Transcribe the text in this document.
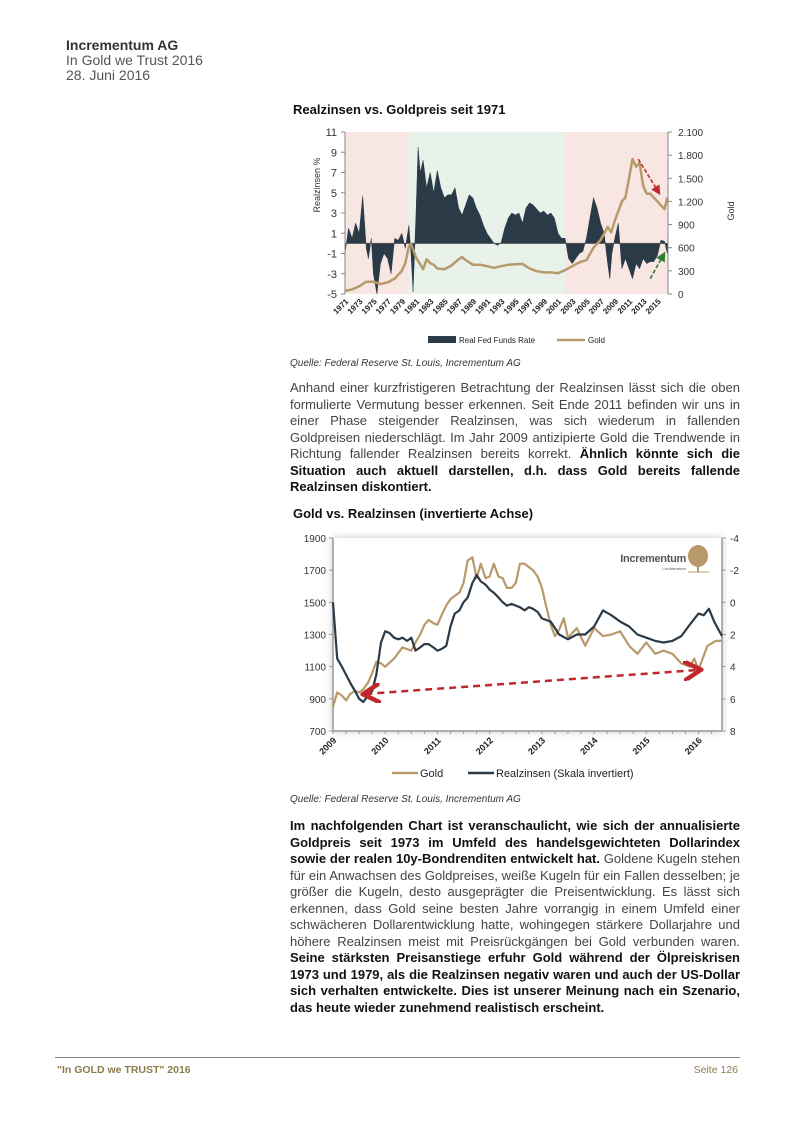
Incrementum AG
In Gold we Trust 2016
28. Juni 2016
Realzinsen vs. Goldpreis seit 1971
11
9
7
5
3
1
-1
-3
-5
2.100
1.800
1.500
1.200
900
600
300
0
1971
1973
1975
1977
1979
1981
1983
1985
1987
1989
1991
1993
1995
1997
1999
2001
2003
2005
2007
2009
2011
2013
2015
Realzinsen %	Gold
Real Fed Funds Rate	Gold
Quelle: Federal Reserve St. Louis, Incrementum AG
Anhand einer kurzfristigeren Betrachtung der Realzinsen lässt sich die oben formulierte Vermutung besser erkennen. Seit Ende 2011 befinden wir uns in einer Phase steigender Realzinsen, was sich wiederum in fallenden Goldpreisen niederschlägt. Im Jahr 2009 antizipierte Gold die Trendwende in Richtung fallender Realzinsen bereits korrekt. Ähnlich könnte sich die Situation auch aktuell darstellen, d.h. dass Gold bereits fallende Realzinsen diskontiert.
Gold vs. Realzinsen (invertierte Achse)
1900
1700
1500
1300
1100
900
700
-4
-2
0
2
4
6
8
2009	2010	2011	2012	2013	2014	2015	2016
Incrementum
Liechtenstein
Gold	Realzinsen (Skala invertiert)
Quelle: Federal Reserve St. Louis, Incrementum AG
Im nachfolgenden Chart ist veranschaulicht, wie sich der annualisierte Goldpreis seit 1973 im Umfeld des handelsgewichteten Dollarindex sowie der realen 10y-Bondrenditen entwickelt hat. Goldene Kugeln stehen für ein Anwachsen des Goldpreises, weiße Kugeln für ein Fallen desselben; je größer die Kugeln, desto ausgeprägter die Preisentwicklung. Es lässt sich erkennen, dass Gold seine besten Jahre vorrangig in einem Umfeld einer schwächeren Dollarentwicklung hatte, wohingegen stärkere Dollarjahre und höhere Realzinsen meist mit Preisrückgängen bei Gold verbunden waren. Seine stärksten Preisanstiege erfuhr Gold während der Ölpreiskrisen 1973 und 1979, als die Realzinsen negativ waren und auch der US-Dollar sich verhalten entwickelte. Dies ist unserer Meinung nach ein Szenario, das heute wieder zunehmend realistisch erscheint.
"In GOLD we TRUST" 2016	Seite 126
